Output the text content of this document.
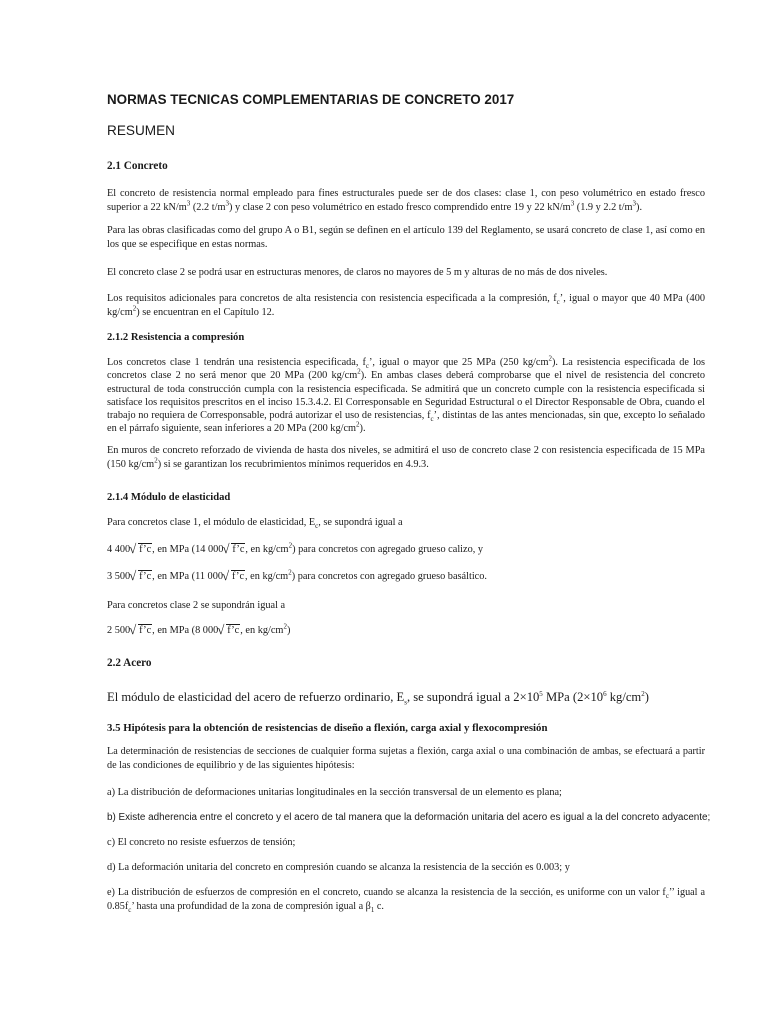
NORMAS TECNICAS COMPLEMENTARIAS DE CONCRETO 2017
RESUMEN
2.1 Concreto

El concreto de resistencia normal empleado para fines estructurales puede ser de dos clases: clase 1, con peso volumétrico en estado fresco superior a 22 $kN/m^3$ (2.2 $t/m^3$) y clase 2 con peso volumétrico en estado fresco comprendido entre 19 y 22 $kN/m^3$ (1.9 y 2.2 $t/m^3$).

Para las obras clasificadas como del grupo A o B1, según se definen en el artículo 139 del Reglamento, se usará concreto de clase 1, así como en los que se especifique en estas normas.

El concreto clase 2 se podrá usar en estructuras menores, de claros no mayores de 5 m y alturas de no más de dos niveles.

Los requisitos adicionales para concretos de alta resistencia con resistencia especificada a la compresión, $f_c$’, igual o mayor que 40 MPa (400 $kg/cm^2$) se encuentran en el Capítulo 12.

2.1.2 Resistencia a compresión

Los concretos clase 1 tendrán una resistencia especificada, $f_c$’, igual o mayor que 25 MPa (250 $kg/cm^2$). La resistencia especificada de los concretos clase 2 no será menor que 20 MPa (200 $kg/cm^2$). En ambas clases deberá comprobarse que el nivel de resistencia del concreto estructural de toda construcción cumpla con la resistencia especificada. Se admitirá que un concreto cumple con la resistencia especificada si satisface los requisitos prescritos en el inciso 15.3.4.2. El Corresponsable en Seguridad Estructural o el Director Responsable de Obra, cuando el trabajo no requiera de Corresponsable, podrá autorizar el uso de resistencias, $f_c$’, distintas de las antes mencionadas, sin que, excepto lo señalado en el párrafo siguiente, sean inferiores a 20 MPa (200 $kg/cm^2$).

En muros de concreto reforzado de vivienda de hasta dos niveles, se admitirá el uso de concreto clase 2 con resistencia especificada de 15 MPa (150 $kg/cm^2$) si se garantizan los recubrimientos mínimos requeridos en 4.9.3.

2.1.4 Módulo de elasticidad
Para concretos clase 1, el módulo de elasticidad, $E_c$, se supondrá igual a
4 400 √ f’c, en MPa (14 000 √ f’c, en $kg/cm^2$) para concretos con agregado grueso calizo, y
3 500 √ f’c, en MPa (11 000 √ f’c, en $kg/cm^2$) para concretos con agregado grueso basáltico.
Para concretos clase 2 se supondrán igual a
2 500 √ f’c, en MPa (8 000 √ f’c, en $kg/cm^2$)
2.2 Acero
El módulo de elasticidad del acero de refuerzo ordinario, $E_s$, se supondrá igual a $2\times 10^5$ MPa ($2\times 10^6$ $kg/cm^2$)
3.5 Hipótesis para la obtención de resistencias de diseño a flexión, carga axial y flexocompresión

La determinación de resistencias de secciones de cualquier forma sujetas a flexión, carga axial o una combinación de ambas, se efectuará a partir de las condiciones de equilibrio y de las siguientes hipótesis:

a) La distribución de deformaciones unitarias longitudinales en la sección transversal de un elemento es plana;
b) Existe adherencia entre el concreto y el acero de tal manera que la deformación unitaria del acero es igual a la del concreto adyacente;
c) El concreto no resiste esfuerzos de tensión;
d) La deformación unitaria del concreto en compresión cuando se alcanza la resistencia de la sección es 0.003; y

e) La distribución de esfuerzos de compresión en el concreto, cuando se alcanza la resistencia de la sección, es uniforme con un valor $f_c$’’ igual a $0.85f_c$’ hasta una profundidad de la zona de compresión igual a $\beta_1$ c.
